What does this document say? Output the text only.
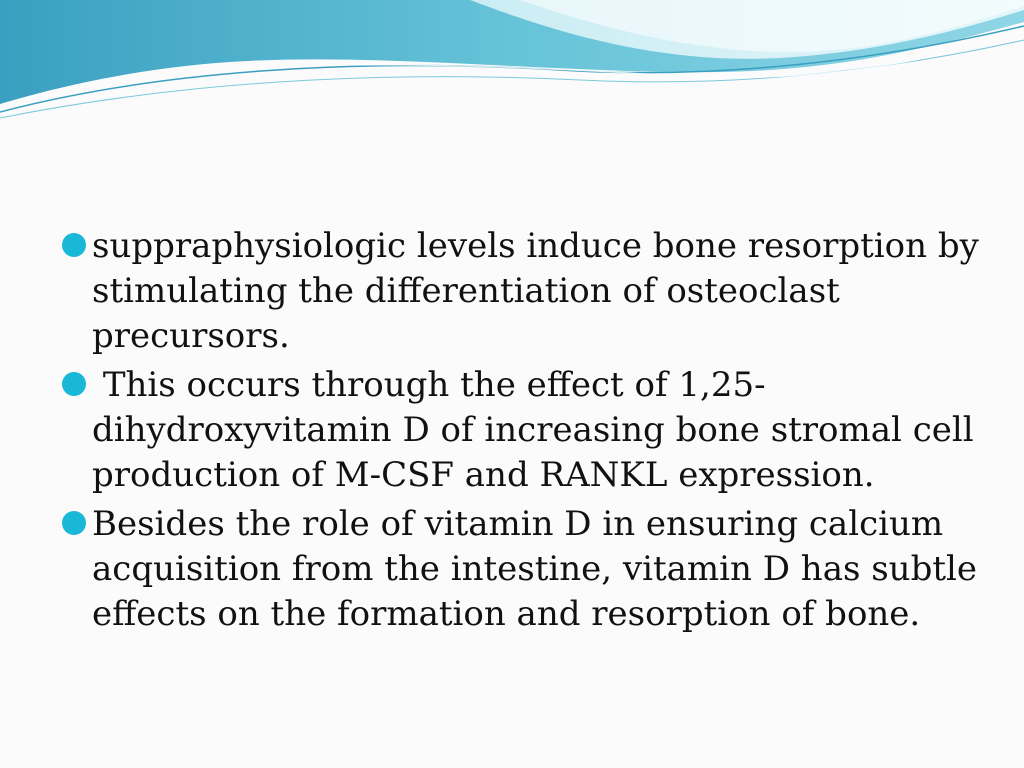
suppraphysiologic levels induce bone resorption by stimulating the differentiation of osteoclast precursors.
This occurs through the effect of 1,25-dihydroxyvitamin D of increasing bone stromal cell production of M-CSF and RANKL expression.
Besides the role of vitamin D in ensuring calcium acquisition from the intestine, vitamin D has subtle effects on the formation and resorption of bone.
